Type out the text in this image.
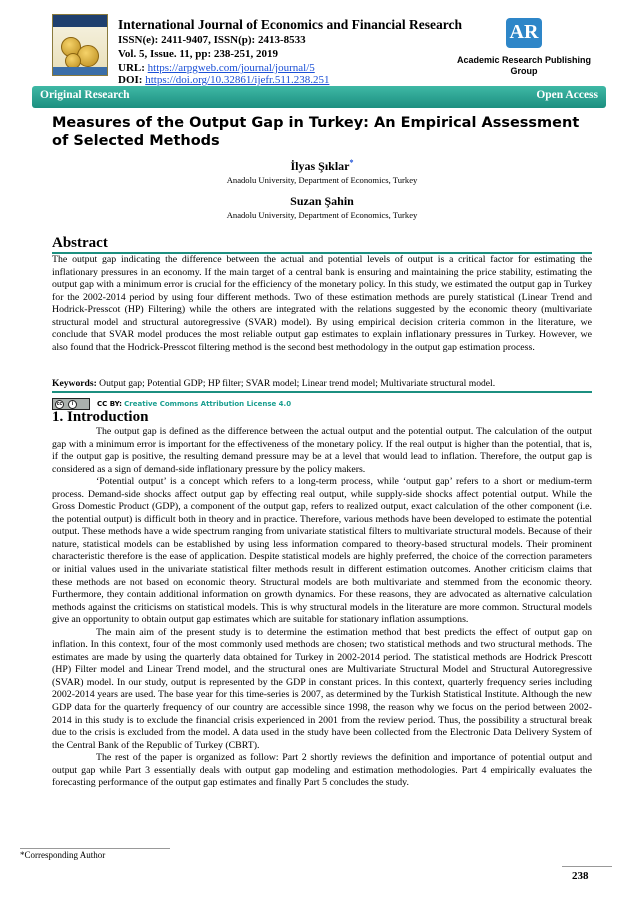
International Journal of Economics and Financial Research
ISSN(e): 2411-9407, ISSN(p): 2413-8533
Vol. 5, Issue. 11, pp: 238-251, 2019
URL: https://arpgweb.com/journal/journal/5
DOI: https://doi.org/10.32861/ijefr.511.238.251
AR
Academic Research Publishing
Group
Original Research	Open Access
Measures of the Output Gap in Turkey: An Empirical Assessment of Selected Methods
İlyas Şıklar*
Anadolu University, Department of Economics, Turkey
Suzan Şahin
Anadolu University, Department of Economics, Turkey
Abstract
The output gap indicating the difference between the actual and potential levels of output is a critical factor for estimating the inflationary pressures in an economy. If the main target of a central bank is ensuring and maintaining the price stability, estimating the output gap with a minimum error is crucial for the efficiency of the monetary policy. In this study, we estimated the output gap in Turkey for the 2002-2014 period by using four different methods. Two of these estimation methods are purely statistical (Linear Trend and Hodrick-Presscot (HP) Filtering) while the others are integrated with the relations suggested by the economic theory (multivariate structural model and structural autoregressive (SVAR) model). By using empirical decision criteria common in the literature, we conclude that SVAR model produces the most reliable output gap estimates to explain inflationary pressures in Turkey. However, we also found that the Hodrick-Presscot filtering method is the second best methodology in the output gap estimation process.
Keywords: Output gap; Potential GDP; HP filter; SVAR model; Linear trend model; Multivariate structural model.
cc	i	CC BY: Creative Commons Attribution License 4.0
1. Introduction

The output gap is defined as the difference between the actual output and the potential output. The calculation of the output gap with a minimum error is important for the effectiveness of the monetary policy. If the real output is higher than the potential, that is, if the output gap is positive, the resulting demand pressure may be at a level that would lead to inflation. Therefore, the output gap is considered as a sign of demand-side inflationary pressure by the policy makers.

‘Potential output’ is a concept which refers to a long-term process, while ‘output gap’ refers to a short or medium-term process. Demand-side shocks affect output gap by effecting real output, while supply-side shocks affect potential output. While the Gross Domestic Product (GDP), a component of the output gap, refers to realized output, exact calculation of the other component (i.e. the potential output) is difficult both in theory and in practice. Therefore, various methods have been developed to estimate the potential output. These methods have a wide spectrum ranging from univariate statistical filters to multivariate structural models. Because of their nature, statistical models can be established by using less information compared to theory-based structural models. Their prominent characteristic therefore is the ease of application. Despite statistical models are highly preferred, the choice of the correction parameters or initial values used in the univariate statistical filter methods result in different estimation outcomes. Another criticism claims that these methods are not based on economic theory. Structural models are both multivariate and stemmed from the economic theory. Furthermore, they contain additional information on growth dynamics. For these reasons, they are advocated as alternative calculation methods against the criticisms on statistical models. This is why structural models in the literature are more common. Structural models give an opportunity to obtain output gap estimates which are suitable for stationary inflation assumptions.

The main aim of the present study is to determine the estimation method that best predicts the effect of output gap on inflation. In this context, four of the most commonly used methods are chosen; two statistical methods and two structural methods. The estimates are made by using the quarterly data obtained for Turkey in 2002-2014 period. The statistical methods are Hodrick Prescott (HP) Filter model and Linear Trend model, and the structural ones are Multivariate Structural Model and Structural Autoregressive (SVAR) model. In our study, output is represented by the GDP in constant prices. In this context, quarterly frequency series including 2002-2014 years are used. The base year for this time-series is 2007, as determined by the Turkish Statistical Institute. Although the new GDP data for the quarterly frequency of our country are accessible since 1998, the reason why we focus on the period between 2002-2014 in this study is to exclude the financial crisis experienced in 2001 from the review period. Thus, the possibility a structural break due to the crisis is excluded from the model. A data used in the study have been collected from the Electronic Data Delivery System of the Central Bank of the Republic of Turkey (CBRT).

The rest of the paper is organized as follow: Part 2 shortly reviews the definition and importance of potential output and output gap while Part 3 essentially deals with output gap modeling and estimation methodologies. Part 4 empirically evaluates the forecasting performance of the output gap estimates and finally Part 5 concludes the study.

*Corresponding Author
238
